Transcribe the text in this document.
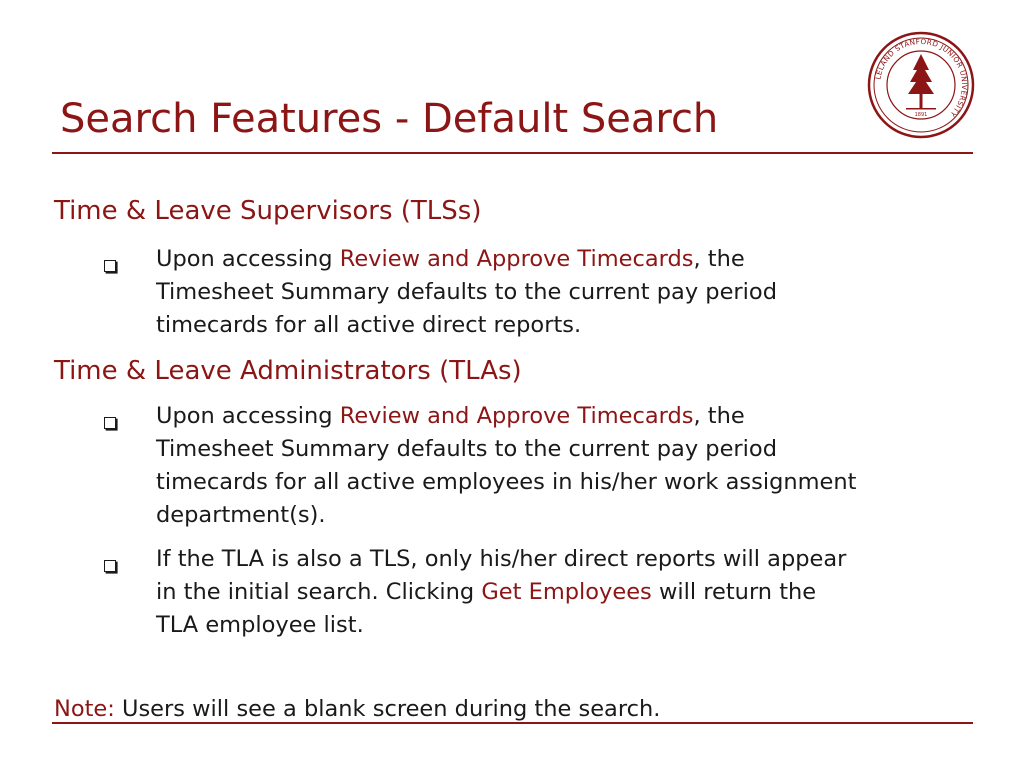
Search Features - Default Search
LELAND STANFORD JUNIOR UNIVERSITY
1891
Time & Leave Supervisors (TLSs)
Upon accessing Review and Approve Timecards, the
Timesheet Summary defaults to the current pay period
timecards for all active direct reports.
Time & Leave Administrators (TLAs)
Upon accessing Review and Approve Timecards, the
Timesheet Summary defaults to the current pay period
timecards for all active employees in his/her work assignment
department(s).
If the TLA is also a TLS, only his/her direct reports will appear
in the initial search. Clicking Get Employees will return the
TLA employee list.
Note: Users will see a blank screen during the search.
